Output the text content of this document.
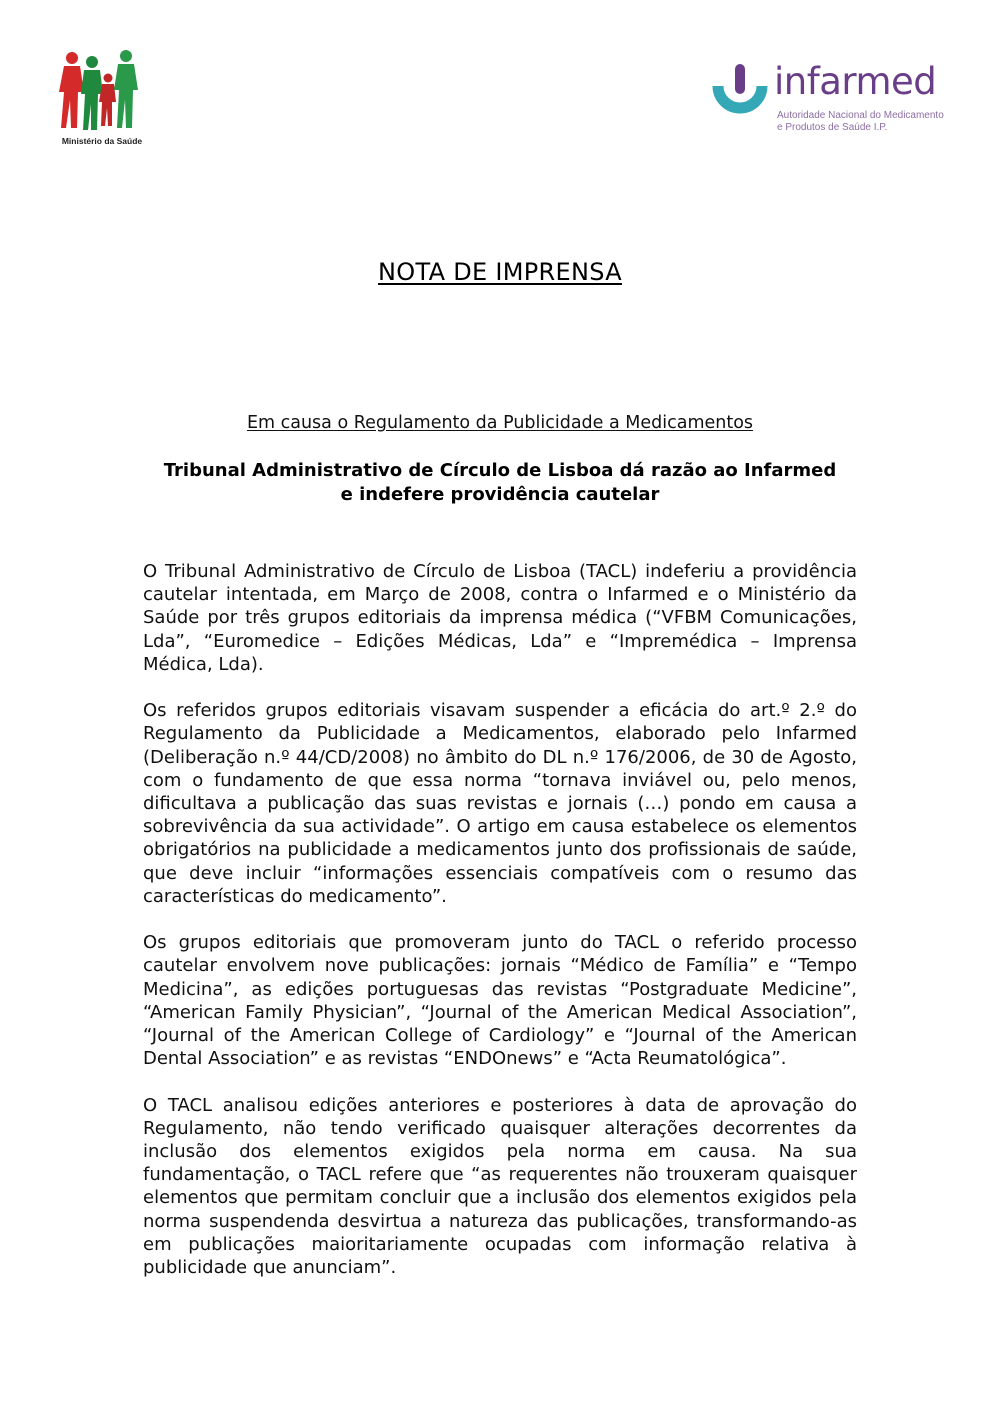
Ministério da Saúde
infarmed
Autoridade Nacional do Medicamento
e Produtos de Saúde I.P.
NOTA DE IMPRENSA
Em causa o Regulamento da Publicidade a Medicamentos
Tribunal Administrativo de Círculo de Lisboa dá razão ao Infarmed
e indefere providência cautelar

O Tribunal Administrativo de Círculo de Lisboa (TACL) indeferiu a providência cautelar intentada, em Março de 2008, contra o Infarmed e o Ministério da Saúde por três grupos editoriais da imprensa médica (“VFBM Comunicações, Lda”, “Euromedice – Edições Médicas, Lda” e “Impremédica – Imprensa Médica, Lda).

Os referidos grupos editoriais visavam suspender a eficácia do art.º 2.º do Regulamento da Publicidade a Medicamentos, elaborado pelo Infarmed (Deliberação n.º 44/CD/2008) no âmbito do DL n.º 176/2006, de 30 de Agosto, com o fundamento de que essa norma “tornava inviável ou, pelo menos, dificultava a publicação das suas revistas e jornais (…) pondo em causa a sobrevivência da sua actividade”. O artigo em causa estabelece os elementos obrigatórios na publicidade a medicamentos junto dos profissionais de saúde, que deve incluir “informações essenciais compatíveis com o resumo das características do medicamento”.

Os grupos editoriais que promoveram junto do TACL o referido processo cautelar envolvem nove publicações: jornais “Médico de Família” e “Tempo Medicina”, as edições portuguesas das revistas “Postgraduate Medicine”, “American Family Physician”, “Journal of the American Medical Association”, “Journal of the American College of Cardiology” e “Journal of the American Dental Association” e as revistas “ENDOnews” e “Acta Reumatológica”.

O TACL analisou edições anteriores e posteriores à data de aprovação do Regulamento, não tendo verificado quaisquer alterações decorrentes da inclusão dos elementos exigidos pela norma em causa. Na sua fundamentação, o TACL refere que “as requerentes não trouxeram quaisquer elementos que permitam concluir que a inclusão dos elementos exigidos pela norma suspendenda desvirtua a natureza das publicações, transformando-as em publicações maioritariamente ocupadas com informação relativa à publicidade que anunciam”.
